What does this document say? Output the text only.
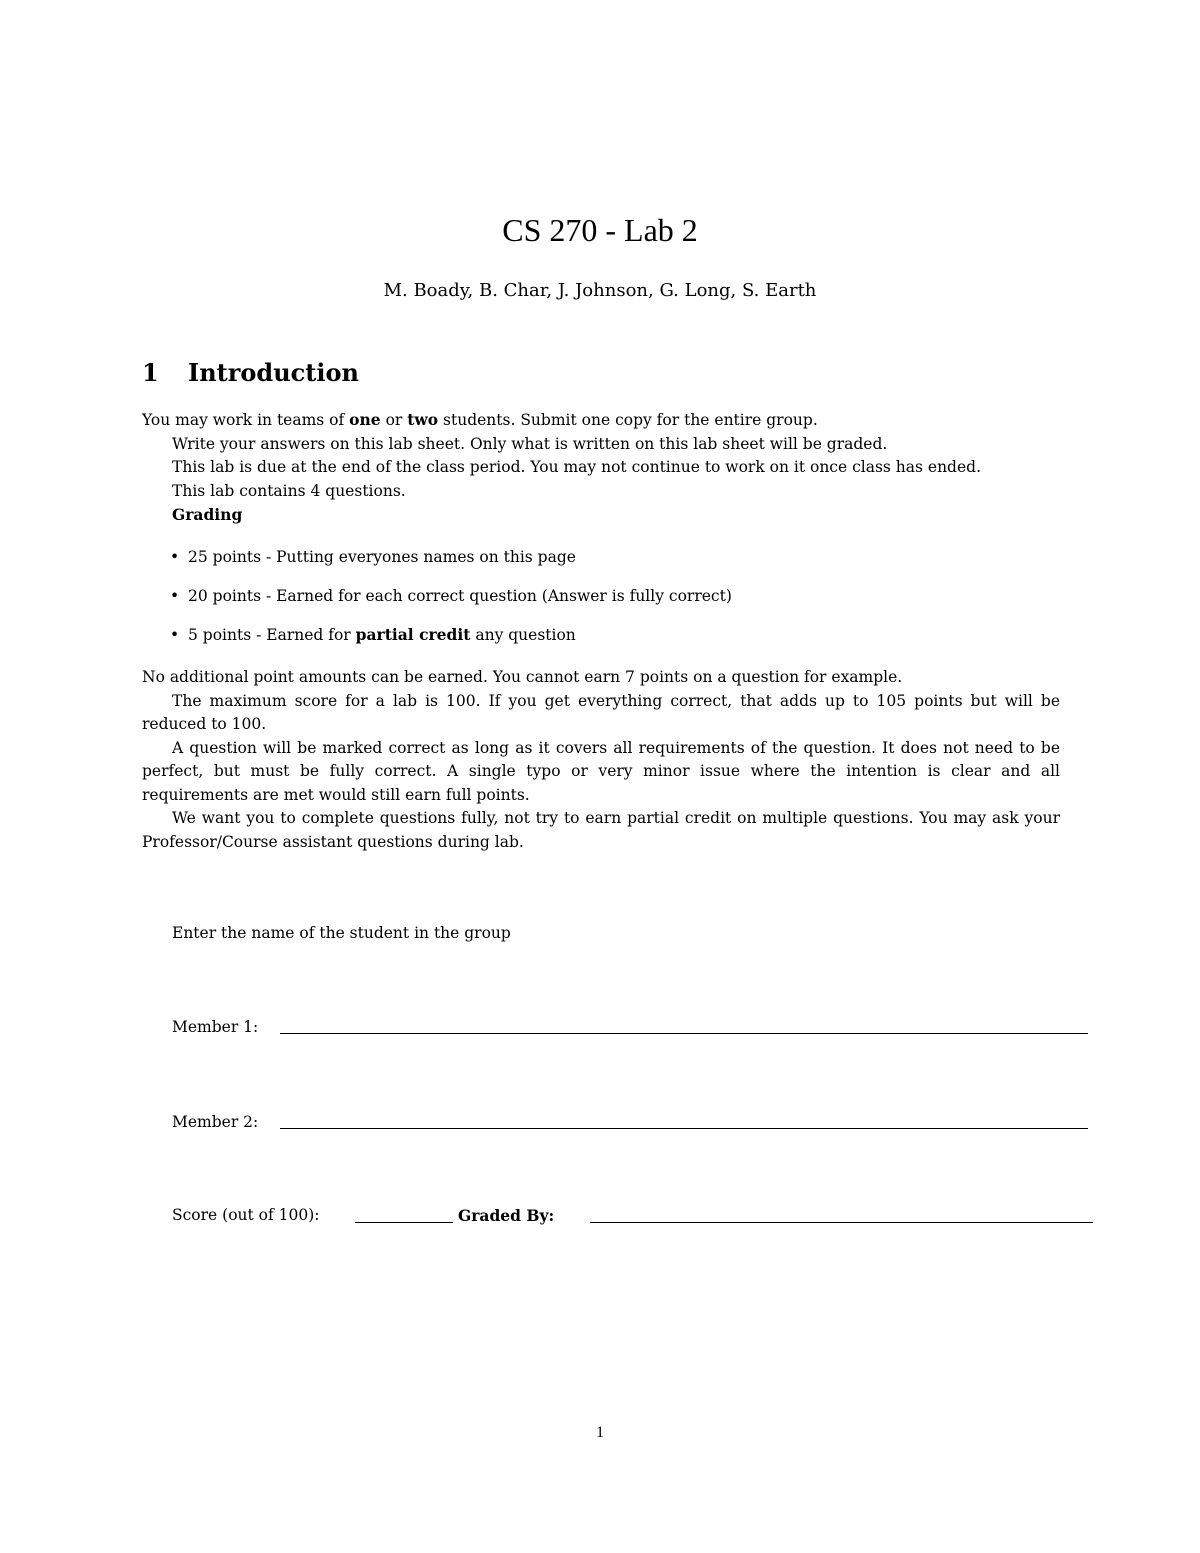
CS 270 - Lab 2
M. Boady, B. Char, J. Johnson, G. Long, S. Earth
1 Introduction

You may work in teams of one or two students. Submit one copy for the entire group.

Write your answers on this lab sheet. Only what is written on this lab sheet will be graded.

This lab is due at the end of the class period. You may not continue to work on it once class has ended.

This lab contains 4 questions.

Grading

• 25 points - Putting everyones names on this page
• 20 points - Earned for each correct question (Answer is fully correct)
• 5 points - Earned for partial credit any question

No additional point amounts can be earned. You cannot earn 7 points on a question for example.

The maximum score for a lab is 100. If you get everything correct, that adds up to 105 points but will be reduced to 100.

A question will be marked correct as long as it covers all requirements of the question. It does not need to be perfect, but must be fully correct. A single typo or very minor issue where the intention is clear and all requirements are met would still earn full points.

We want you to complete questions fully, not try to earn partial credit on multiple questions. You may ask your Professor/Course assistant questions during lab.

Enter the name of the student in the group
Member 1:
Member 2:
Score (out of 100):	Graded By:
1
